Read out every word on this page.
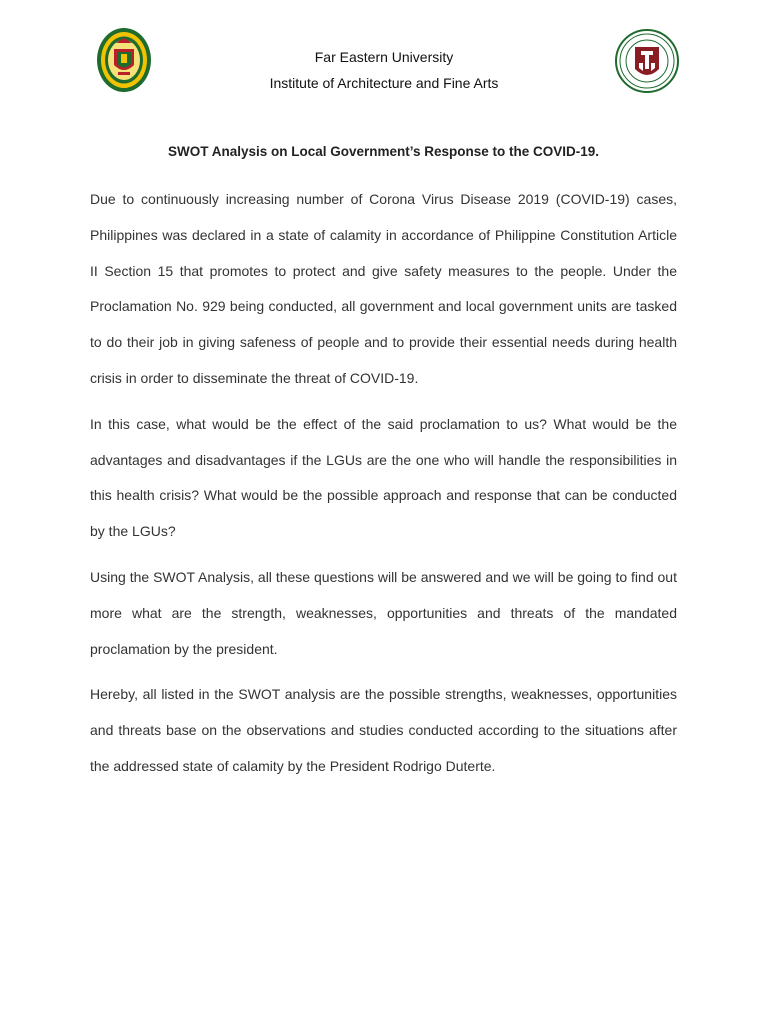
Far Eastern University
Institute of Architecture and Fine Arts
SWOT Analysis on Local Government’s Response to the COVID-19.

Due to continuously increasing number of Corona Virus Disease 2019 (COVID-19) cases, Philippines was declared in a state of calamity in accordance of Philippine Constitution Article II Section 15 that promotes to protect and give safety measures to the people. Under the Proclamation No. 929 being conducted, all government and local government units are tasked to do their job in giving safeness of people and to provide their essential needs during health crisis in order to disseminate the threat of COVID-19.

In this case, what would be the effect of the said proclamation to us? What would be the advantages and disadvantages if the LGUs are the one who will handle the responsibilities in this health crisis? What would be the possible approach and response that can be conducted by the LGUs?

Using the SWOT Analysis, all these questions will be answered and we will be going to find out more what are the strength, weaknesses, opportunities and threats of the mandated proclamation by the president.

Hereby, all listed in the SWOT analysis are the possible strengths, weaknesses, opportunities and threats base on the observations and studies conducted according to the situations after the addressed state of calamity by the President Rodrigo Duterte.
